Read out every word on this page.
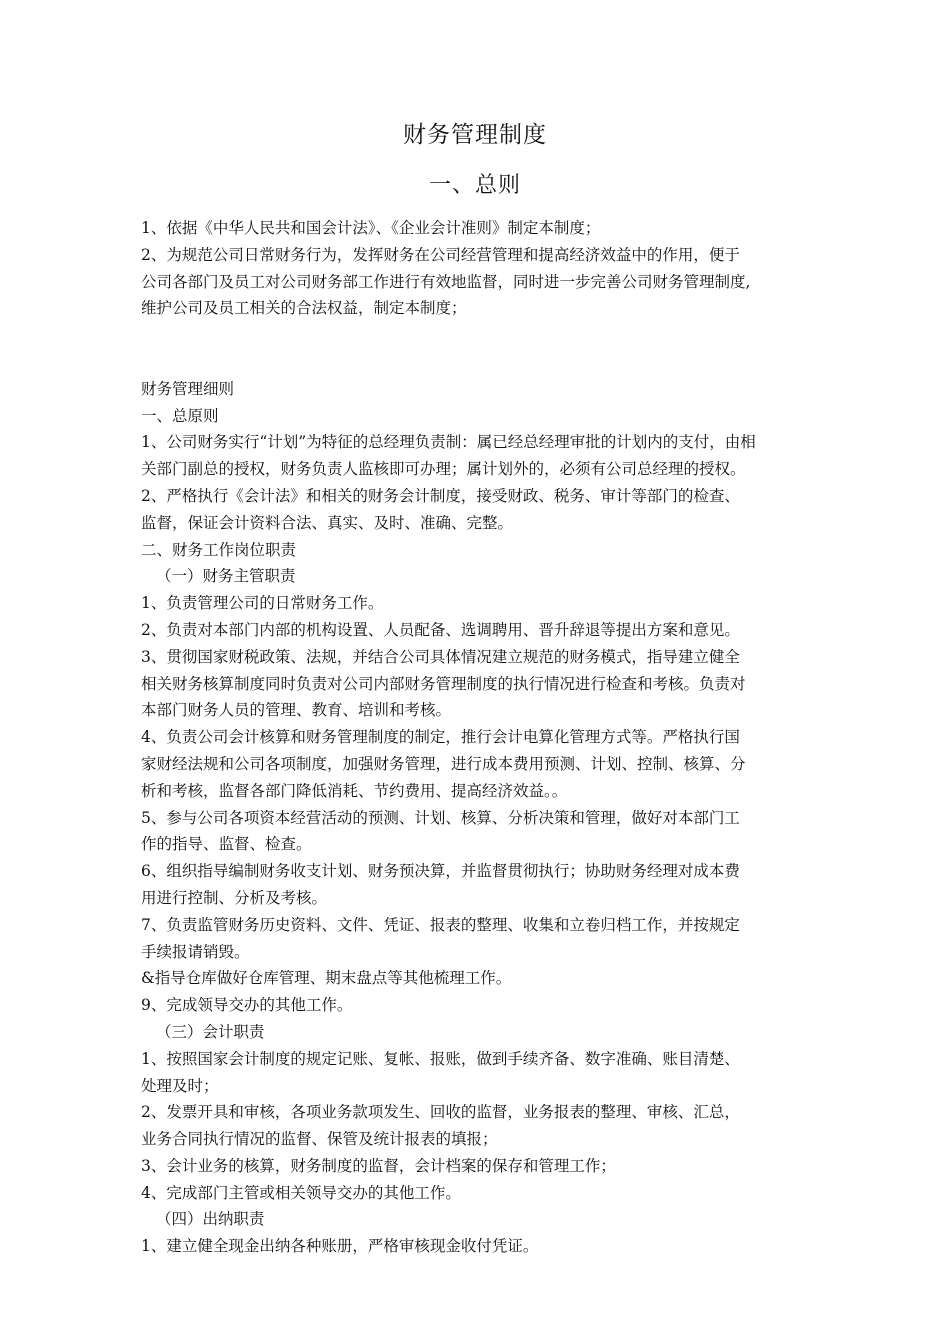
财务管理制度
一、总则
1、依据《中华人民共和国会计法》、《企业会计准则》制定本制度；
2、为规范公司日常财务行为，发挥财务在公司经营管理和提高经济效益中的作用，便于
公司各部门及员工对公司财务部工作进行有效地监督，同时进一步完善公司财务管理制度,
维护公司及员工相关的合法权益，制定本制度；
财务管理细则
一、总原则
1、公司财务实行“计划”为特征的总经理负责制：属已经总经理审批的计划内的支付，由相
关部门副总的授权，财务负责人监核即可办理；属计划外的，必须有公司总经理的授权。
2、严格执行《会计法》和相关的财务会计制度，接受财政、税务、审计等部门的检查、
监督，保证会计资料合法、真实、及时、准确、完整。
二、财务工作岗位职责
（一）财务主管职责
1、负责管理公司的日常财务工作。
2、负责对本部门内部的机构设置、人员配备、选调聘用、晋升辞退等提出方案和意见。
3、贯彻国家财税政策、法规，并结合公司具体情况建立规范的财务模式，指导建立健全
相关财务核算制度同时负责对公司内部财务管理制度的执行情况进行检查和考核。负责对
本部门财务人员的管理、教育、培训和考核。
4、负责公司会计核算和财务管理制度的制定，推行会计电算化管理方式等。严格执行国
家财经法规和公司各项制度，加强财务管理，进行成本费用预测、计划、控制、核算、分
析和考核，监督各部门降低消耗、节约费用、提高经济效益。。
5、参与公司各项资本经营活动的预测、计划、核算、分析决策和管理，做好对本部门工
作的指导、监督、检查。
6、组织指导编制财务收支计划、财务预决算，并监督贯彻执行；协助财务经理对成本费
用进行控制、分析及考核。
7、负责监管财务历史资料、文件、凭证、报表的整理、收集和立卷归档工作，并按规定
手续报请销毁。
&指导仓库做好仓库管理、期末盘点等其他梳理工作。
9、完成领导交办的其他工作。
（三）会计职责
1、按照国家会计制度的规定记账、复帐、报账，做到手续齐备、数字准确、账目清楚、
处理及时；
2、发票开具和审核，各项业务款项发生、回收的监督，业务报表的整理、审核、汇总，
业务合同执行情况的监督、保管及统计报表的填报；
3、会计业务的核算，财务制度的监督，会计档案的保存和管理工作；
4、完成部门主管或相关领导交办的其他工作。
（四）出纳职责
1、建立健全现金出纳各种账册，严格审核现金收付凭证。
